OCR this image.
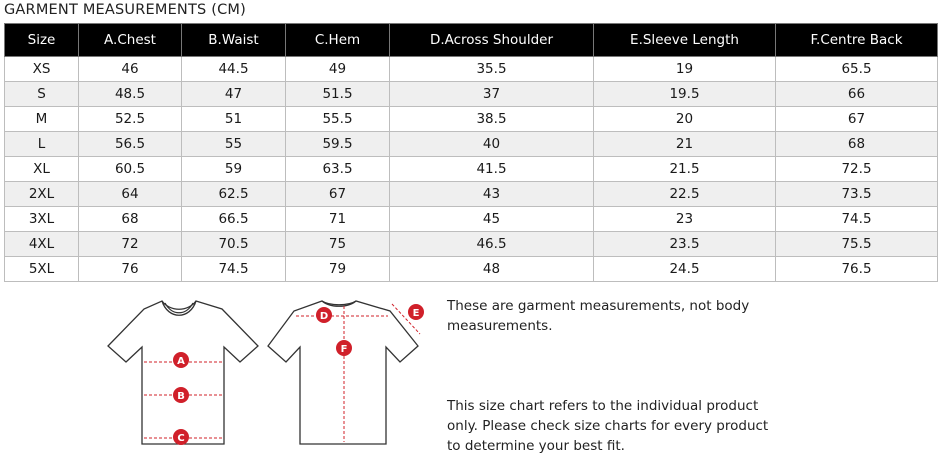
GARMENT MEASUREMENTS (CM)
Size	A.Chest	B.Waist	C.Hem	D.Across Shoulder	E.Sleeve Length	F.Centre Back
XS	46	44.5	49	35.5	19	65.5
S	48.5	47	51.5	37	19.5	66
M	52.5	51	55.5	38.5	20	67
L	56.5	55	59.5	40	21	68
XL	60.5	59	63.5	41.5	21.5	72.5
2XL	64	62.5	67	43	22.5	73.5
3XL	68	66.5	71	45	23	74.5
4XL	72	70.5	75	46.5	23.5	75.5
5XL	76	74.5	79	48	24.5	76.5
A
B
C
D	E
F
These are garment measurements, not body measurements.
This size chart refers to the individual product only. Please check size charts for every product to determine your best fit.
